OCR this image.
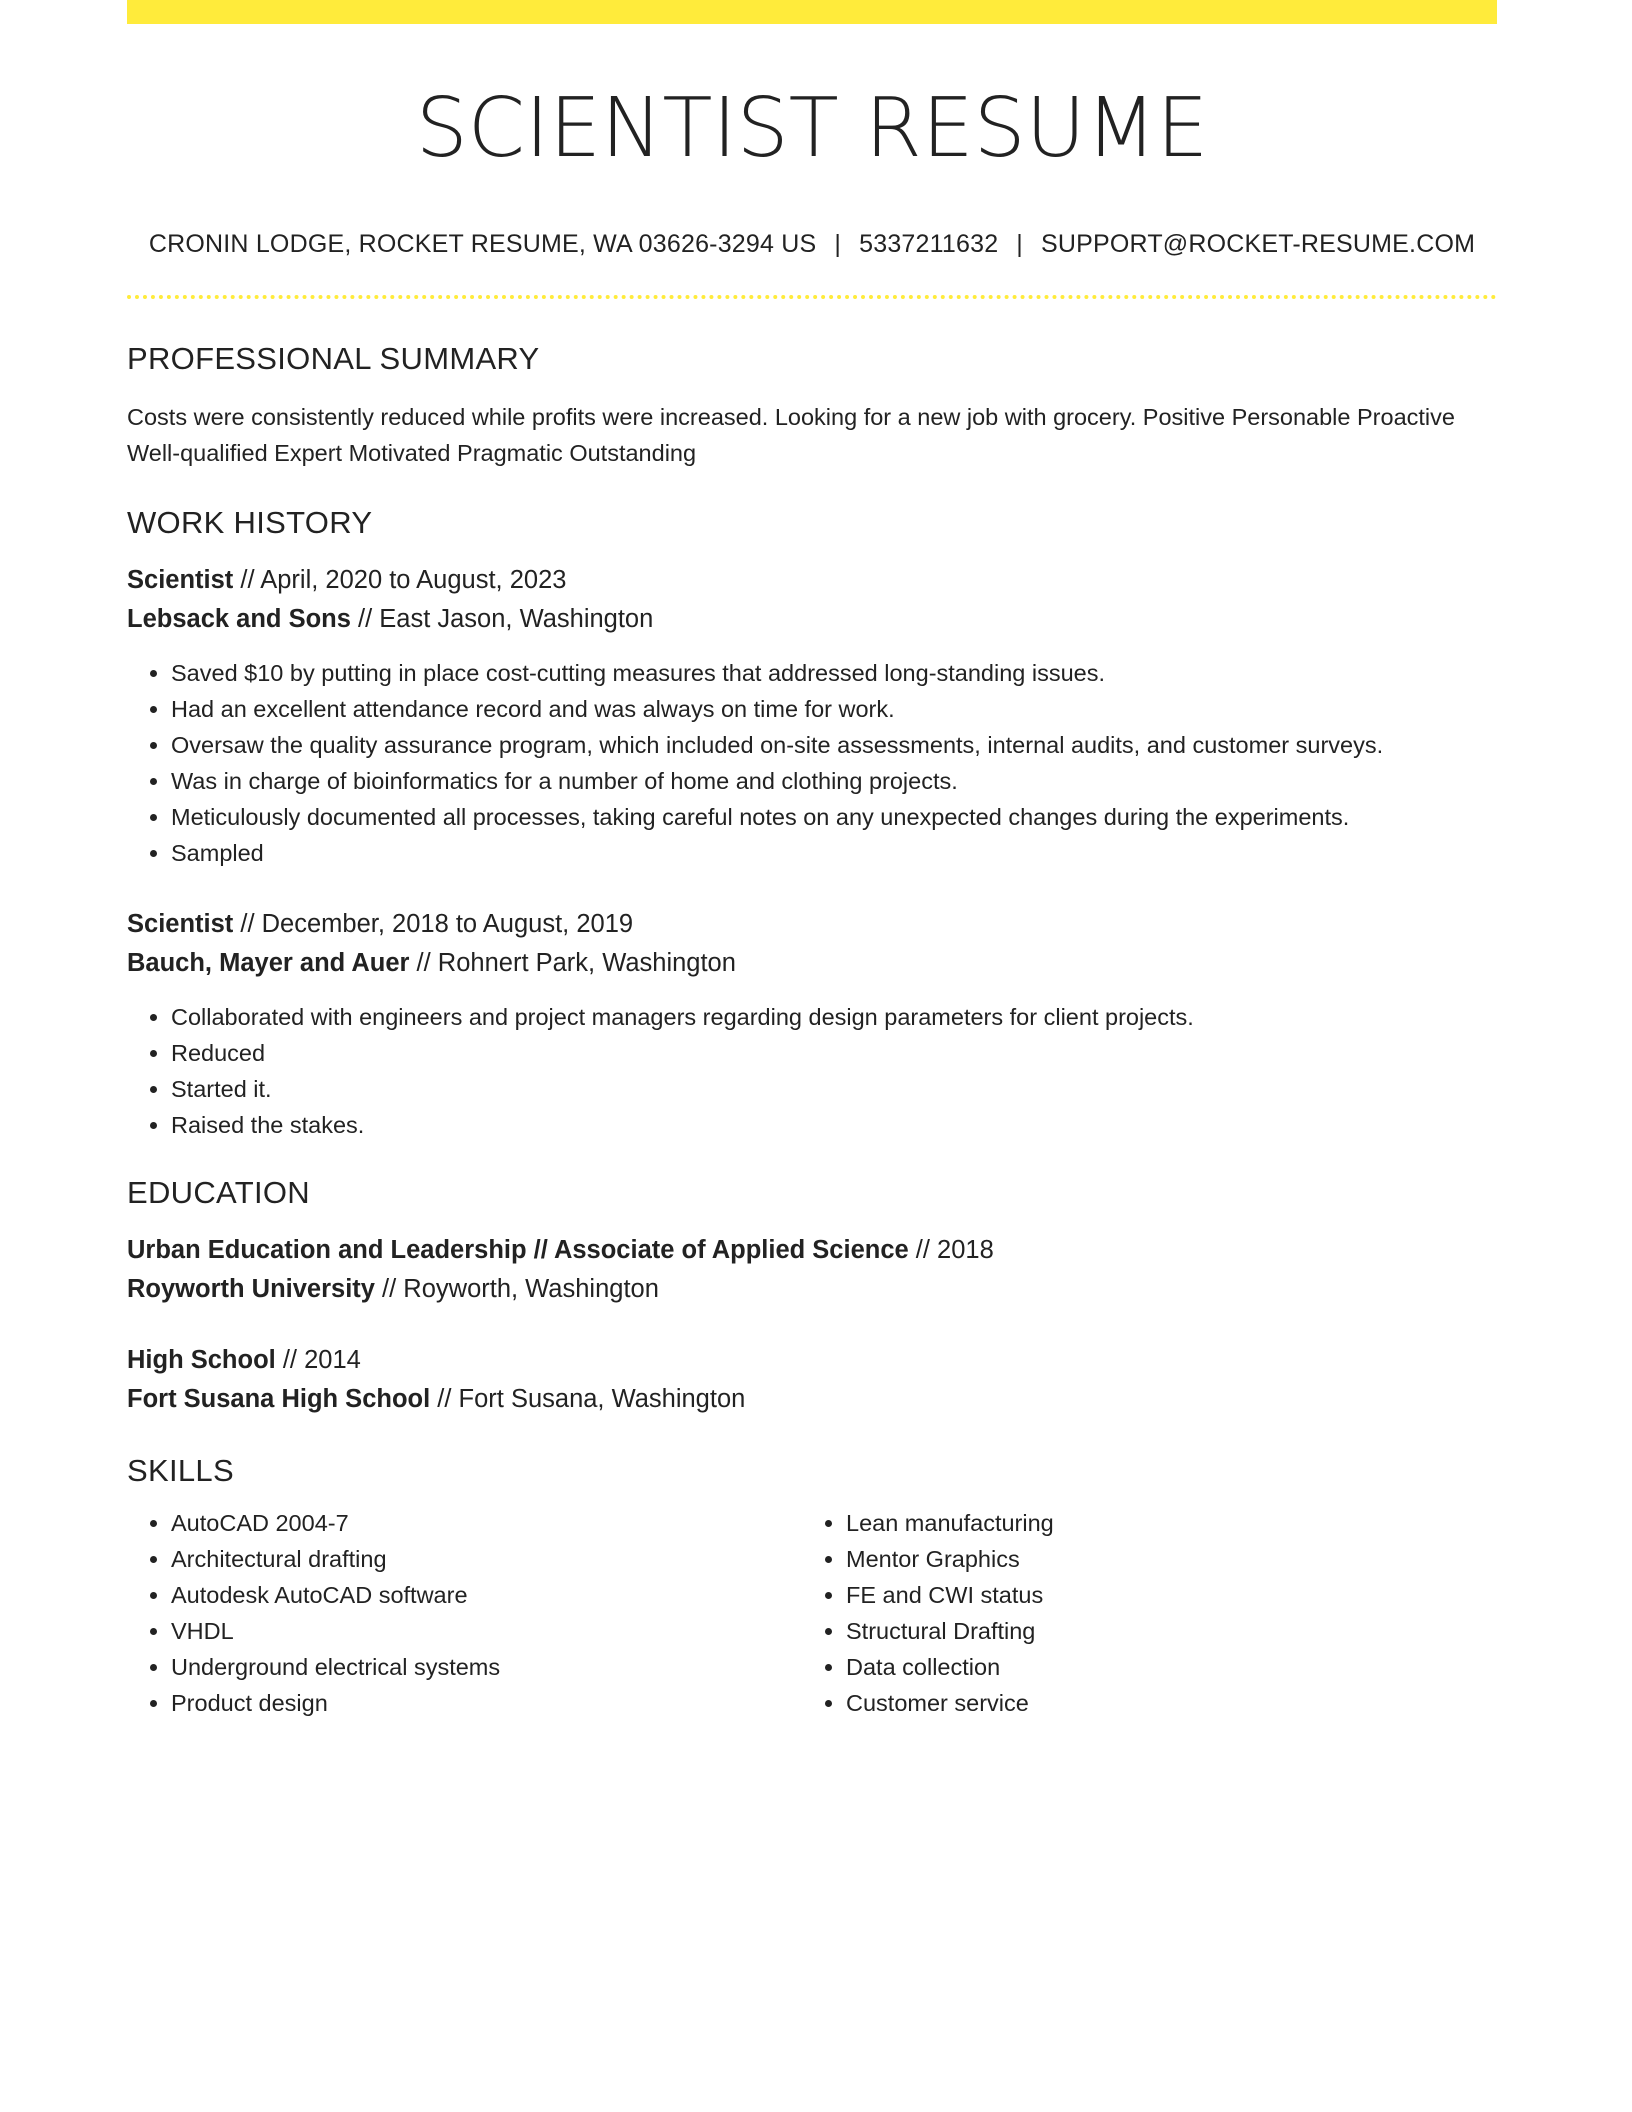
SCIENTIST RESUME
CRONIN LODGE, ROCKET RESUME, WA 03626-3294 US | 5337211632 | SUPPORT@ROCKET-RESUME.COM
PROFESSIONAL SUMMARY
Costs were consistently reduced while profits were increased. Looking for a new job with grocery. Positive Personable Proactive Well-qualified Expert Motivated Pragmatic Outstanding
WORK HISTORY
Scientist // April, 2020 to August, 2023
Lebsack and Sons // East Jason, Washington
• Saved $10 by putting in place cost-cutting measures that addressed long-standing issues.
• Had an excellent attendance record and was always on time for work.
• Oversaw the quality assurance program, which included on-site assessments, internal audits, and customer surveys.
• Was in charge of bioinformatics for a number of home and clothing projects.
• Meticulously documented all processes, taking careful notes on any unexpected changes during the experiments.
• Sampled
Scientist // December, 2018 to August, 2019
Bauch, Mayer and Auer // Rohnert Park, Washington
• Collaborated with engineers and project managers regarding design parameters for client projects.
• Reduced
• Started it.
• Raised the stakes.
EDUCATION
Urban Education and Leadership // Associate of Applied Science // 2018
Royworth University // Royworth, Washington
High School // 2014
Fort Susana High School // Fort Susana, Washington
SKILLS
• AutoCAD 2004-7
• Architectural drafting
• Autodesk AutoCAD software
• VHDL
• Underground electrical systems
• Product design
• Lean manufacturing
• Mentor Graphics
• FE and CWI status
• Structural Drafting
• Data collection
• Customer service
